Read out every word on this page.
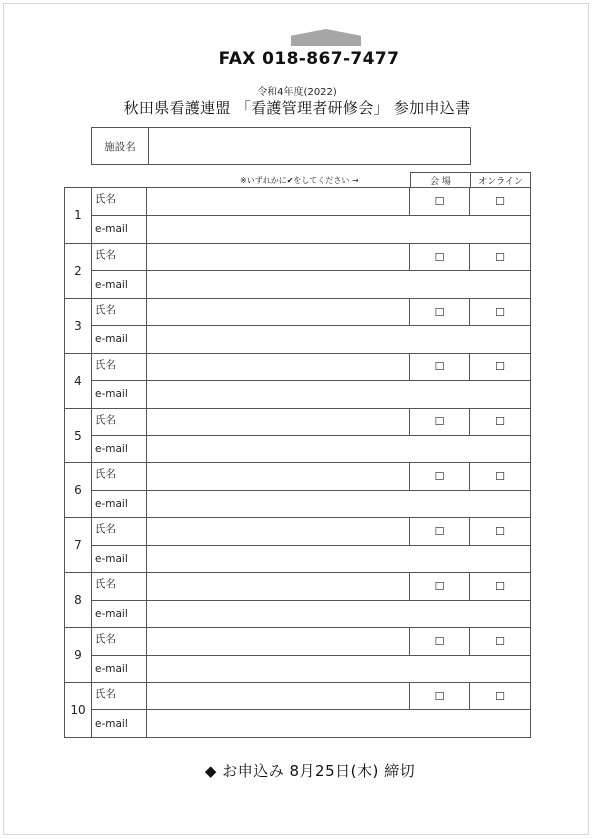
FAX 018-867-7477
令和4年度(2022)
秋田県看護連盟 「看護管理者研修会」 参加申込書
施設名
※いずれかに✔をしてください →	会 場	オンライン
1
氏名	☐	☐
e-mail
2
氏名	☐	☐
e-mail
3
氏名	☐	☐
e-mail
4
氏名	☐	☐
e-mail
5
氏名	☐	☐
e-mail
6
氏名	☐	☐
e-mail
7
氏名	☐	☐
e-mail
8
氏名	☐	☐
e-mail
9
氏名	☐	☐
e-mail
10
氏名	☐	☐
e-mail
◆ お申込み 8月25日(木) 締切
